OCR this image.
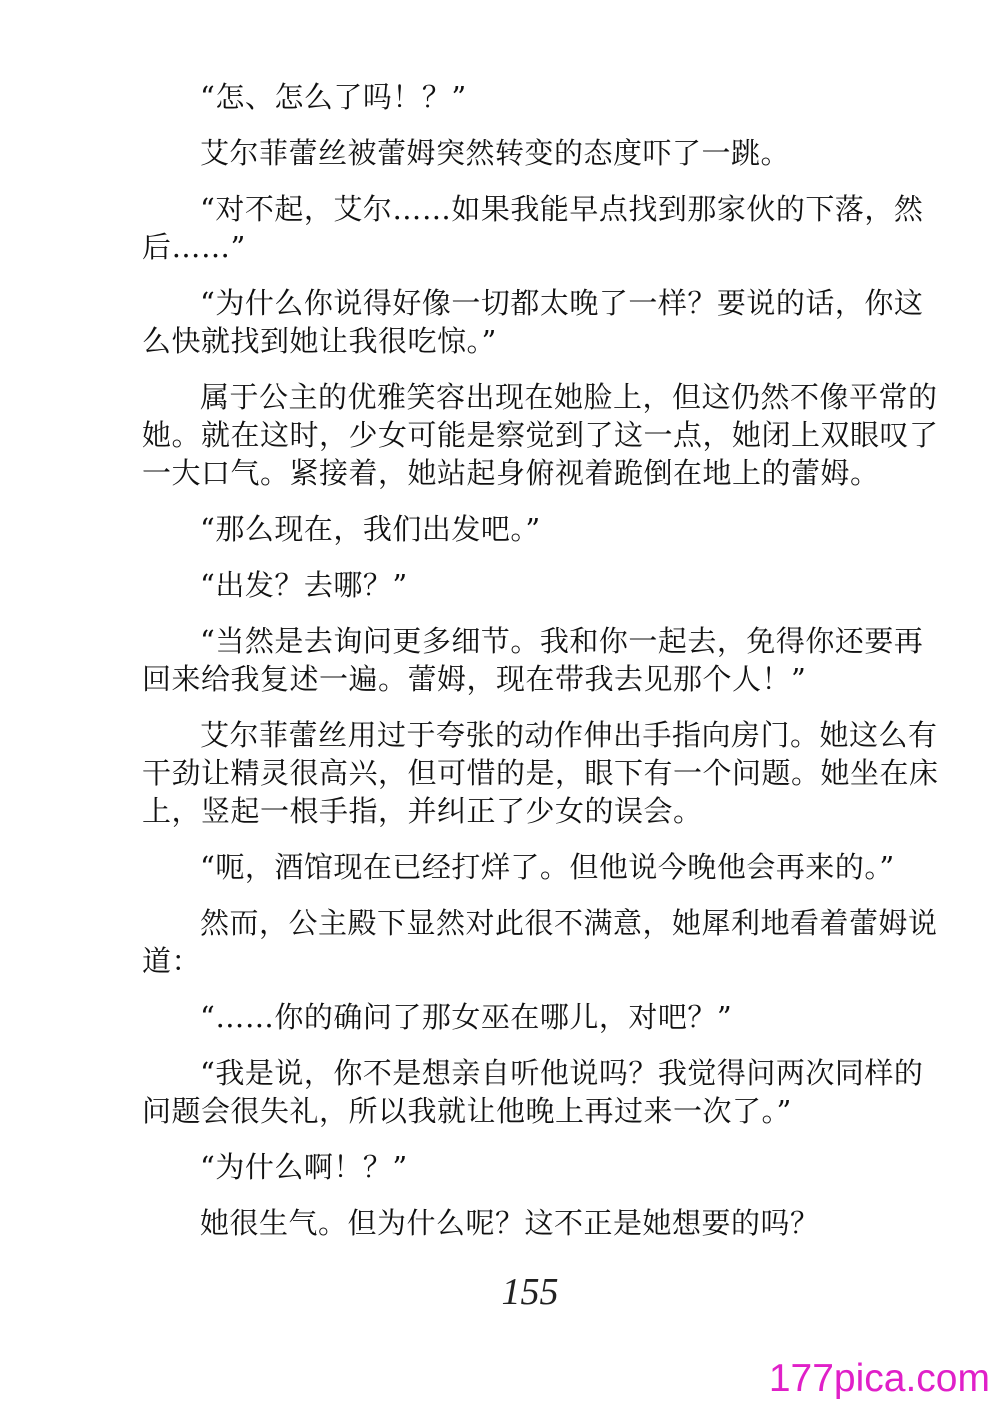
“怎、怎么了吗！？”

艾尔菲蕾丝被蕾姆突然转变的态度吓了一跳。

“对不起，艾尔……如果我能早点找到那家伙的下落，然
后……”

“为什么你说得好像一切都太晚了一样？要说的话，你这
么快就找到她让我很吃惊。”

属于公主的优雅笑容出现在她脸上，但这仍然不像平常的
她。就在这时，少女可能是察觉到了这一点，她闭上双眼叹了
一大口气。紧接着，她站起身俯视着跪倒在地上的蕾姆。

“那么现在，我们出发吧。”

“出发？去哪？”

“当然是去询问更多细节。我和你一起去，免得你还要再
回来给我复述一遍。蕾姆，现在带我去见那个人！”

艾尔菲蕾丝用过于夸张的动作伸出手指向房门。她这么有
干劲让精灵很高兴，但可惜的是，眼下有一个问题。她坐在床
上，竖起一根手指，并纠正了少女的误会。

“呃，酒馆现在已经打烊了。但他说今晚他会再来的。”

然而，公主殿下显然对此很不满意，她犀利地看着蕾姆说
道：

“……你的确问了那女巫在哪儿，对吧？”

“我是说，你不是想亲自听他说吗？我觉得问两次同样的
问题会很失礼，所以我就让他晚上再过来一次了。”

“为什么啊！？”

她很生气。但为什么呢？这不正是她想要的吗？

155
177pica.com
